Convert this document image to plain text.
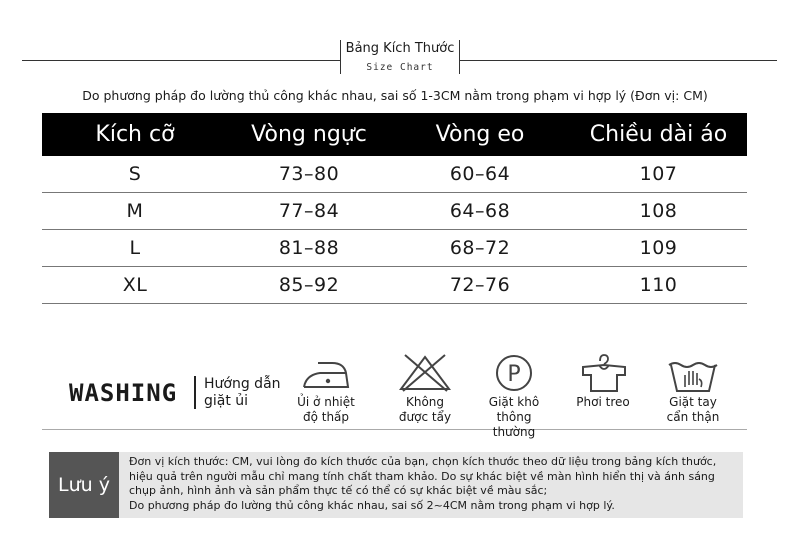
Bảng Kích Thước
Size Chart
Do phương pháp đo lường thủ công khác nhau, sai số 1-3CM nằm trong phạm vi hợp lý (Đơn vị: CM)
Kích cỡ	Vòng ngực	Vòng eo	Chiều dài áo
S	73–80	60–64	107
M	77–84	64–68	108
L	81–88	68–72	109
XL	85–92	72–76	110
WASHING Hướng dẫn
giặt ủi	Ủi ở nhiệt
độ thấp
Không
được tẩy
P
Giặt khô
thông thường
Phơi treo	Giặt tay
cẩn thận
Lưu ý
Đơn vị kích thước: CM, vui lòng đo kích thước của bạn, chọn kích thước theo dữ liệu trong bảng kích thước,
hiệu quả trên người mẫu chỉ mang tính chất tham khảo. Do sự khác biệt về màn hình hiển thị và ánh sáng
chụp ảnh, hình ảnh và sản phẩm thực tế có thể có sự khác biệt về màu sắc;
Do phương pháp đo lường thủ công khác nhau, sai số 2~4CM nằm trong phạm vi hợp lý.
